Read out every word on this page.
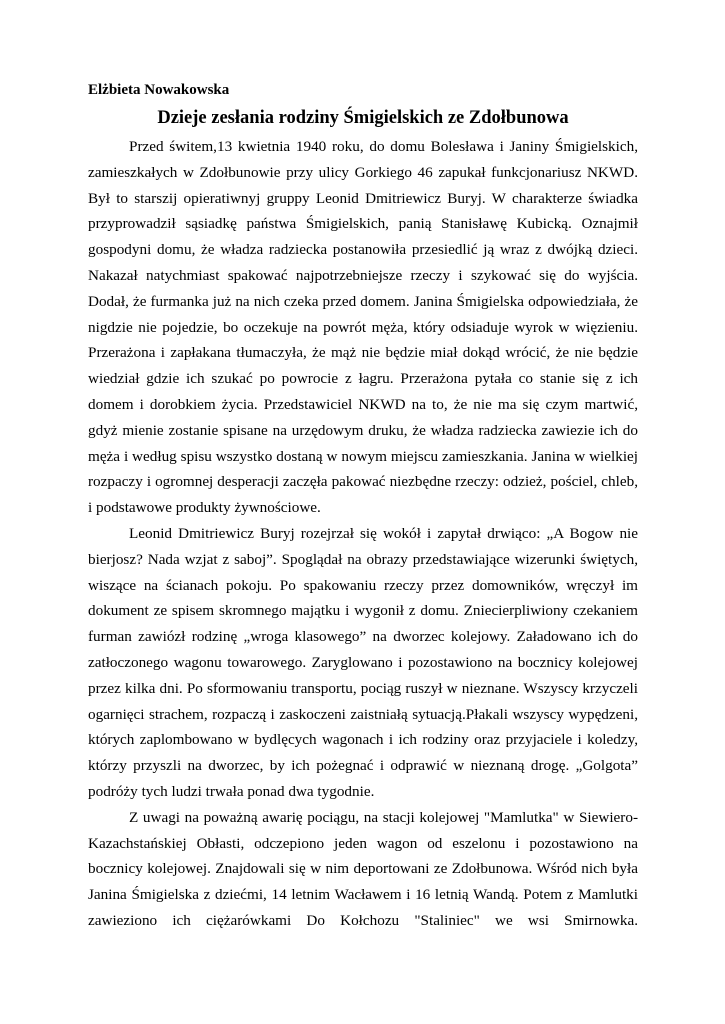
Elżbieta Nowakowska
Dzieje zesłania rodziny Śmigielskich ze Zdołbunowa

Przed świtem,13 kwietnia 1940 roku, do domu Bolesława i Janiny Śmigielskich, zamieszkałych w Zdołbunowie przy ulicy Gorkiego 46 zapukał funkcjonariusz NKWD. Był to starszij opieratiwnyj gruppy Leonid Dmitriewicz Buryj. W charakterze świadka przyprowadził sąsiadkę państwa Śmigielskich, panią Stanisławę Kubicką. Oznajmił gospodyni domu, że władza radziecka postanowiła przesiedlić ją wraz z dwójką dzieci. Nakazał natychmiast spakować najpotrzebniejsze rzeczy i szykować się do wyjścia. Dodał, że furmanka już na nich czeka przed domem. Janina Śmigielska odpowiedziała, że nigdzie nie pojedzie, bo oczekuje na powrót męża, który odsiaduje wyrok w więzieniu. Przerażona i zapłakana tłumaczyła, że mąż nie będzie miał dokąd wrócić, że nie będzie wiedział gdzie ich szukać po powrocie z łagru. Przerażona pytała co stanie się z ich domem i dorobkiem życia. Przedstawiciel NKWD na to, że nie ma się czym martwić, gdyż mienie zostanie spisane na urzędowym druku, że władza radziecka zawiezie ich do męża i według spisu wszystko dostaną w nowym miejscu zamieszkania. Janina w wielkiej rozpaczy i ogromnej desperacji zaczęła pakować niezbędne rzeczy: odzież, pościel, chleb, i podstawowe produkty żywnościowe.

Leonid Dmitriewicz Buryj rozejrzał się wokół i zapytał drwiąco: „A Bogow nie bierjosz? Nada wzjat z saboj”. Spoglądał na obrazy przedstawiające wizerunki świętych, wiszące na ścianach pokoju. Po spakowaniu rzeczy przez domowników, wręczył im dokument ze spisem skromnego majątku i wygonił z domu. Zniecierpliwiony czekaniem furman zawiózł rodzinę „wroga klasowego” na dworzec kolejowy. Załadowano ich do zatłoczonego wagonu towarowego. Zaryglowano i pozostawiono na bocznicy kolejowej przez kilka dni. Po sformowaniu transportu, pociąg ruszył w nieznane. Wszyscy krzyczeli ogarnięci strachem, rozpaczą i zaskoczeni zaistniałą sytuacją.Płakali wszyscy wypędzeni, których zaplombowano w bydlęcych wagonach i ich rodziny oraz przyjaciele i koledzy, którzy przyszli na dworzec, by ich pożegnać i odprawić w nieznaną drogę. „Golgota” podróży tych ludzi trwała ponad dwa tygodnie.

Z uwagi na poważną awarię pociągu, na stacji kolejowej "Mamlutka" w Siewiero-Kazachstańskiej Obłasti, odczepiono jeden wagon od eszelonu i pozostawiono na bocznicy kolejowej. Znajdowali się w nim deportowani ze Zdołbunowa. Wśród nich była Janina Śmigielska z dziećmi, 14 letnim Wacławem i 16 letnią Wandą. Potem z Mamlutki zawieziono ich ciężarówkami Do Kołchozu "Staliniec" we wsi Smirnowka.
